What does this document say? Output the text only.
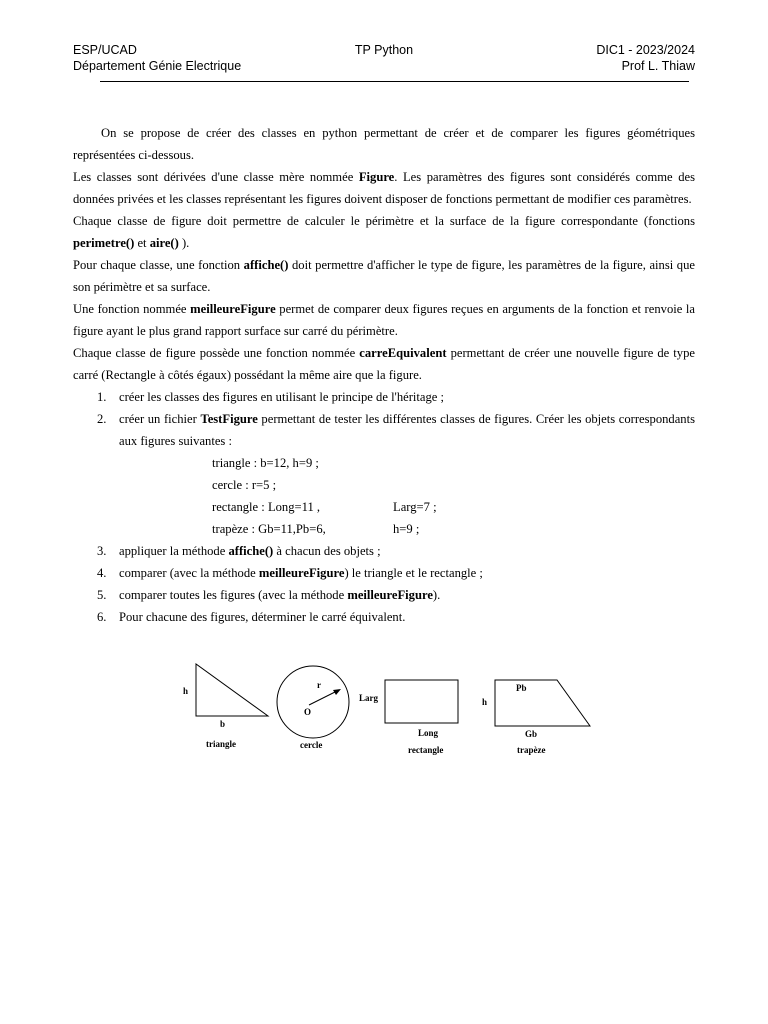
ESP/UCAD
Département Génie Electrique
TP Python	DIC1 - 2023/2024
Prof L. Thiaw

On se propose de créer des classes en python permettant de créer et de comparer les figures géométriques représentées ci-dessous.

Les classes sont dérivées d'une classe mère nommée Figure. Les paramètres des figures sont considérés comme des données privées et les classes représentant les figures doivent disposer de fonctions permettant de modifier ces paramètres.

Chaque classe de figure doit permettre de calculer le périmètre et la surface de la figure correspondante (fonctions perimetre() et aire() ).

Pour chaque classe, une fonction affiche() doit permettre d'afficher le type de figure, les paramètres de la figure, ainsi que son périmètre et sa surface.

Une fonction nommée meilleureFigure permet de comparer deux figures reçues en arguments de la fonction et renvoie la figure ayant le plus grand rapport surface sur carré du périmètre.

Chaque classe de figure possède une fonction nommée carreEquivalent permettant de créer une nouvelle figure de type carré (Rectangle à côtés égaux) possédant la même aire que la figure.

1. créer les classes des figures en utilisant le principe de l'héritage ;
2. créer un fichier TestFigure permettant de tester les différentes classes de figures. Créer les objets correspondants aux figures suivantes :
triangle : b=12, h=9 ;
cercle : r=5 ;
rectangle : Long=11 ,	Larg=7 ;
trapèze : Gb=11,Pb=6,	h=9 ;
3. appliquer la méthode affiche() à chacun des objets ;
4. comparer (avec la méthode meilleureFigure) le triangle et le rectangle ;
5. comparer toutes les figures (avec la méthode meilleureFigure).
6. Pour chacune des figures, déterminer le carré équivalent.
h
b
triangle
r
O
cercle
Larg
Long
rectangle
Pb
h
Gb
trapèze
